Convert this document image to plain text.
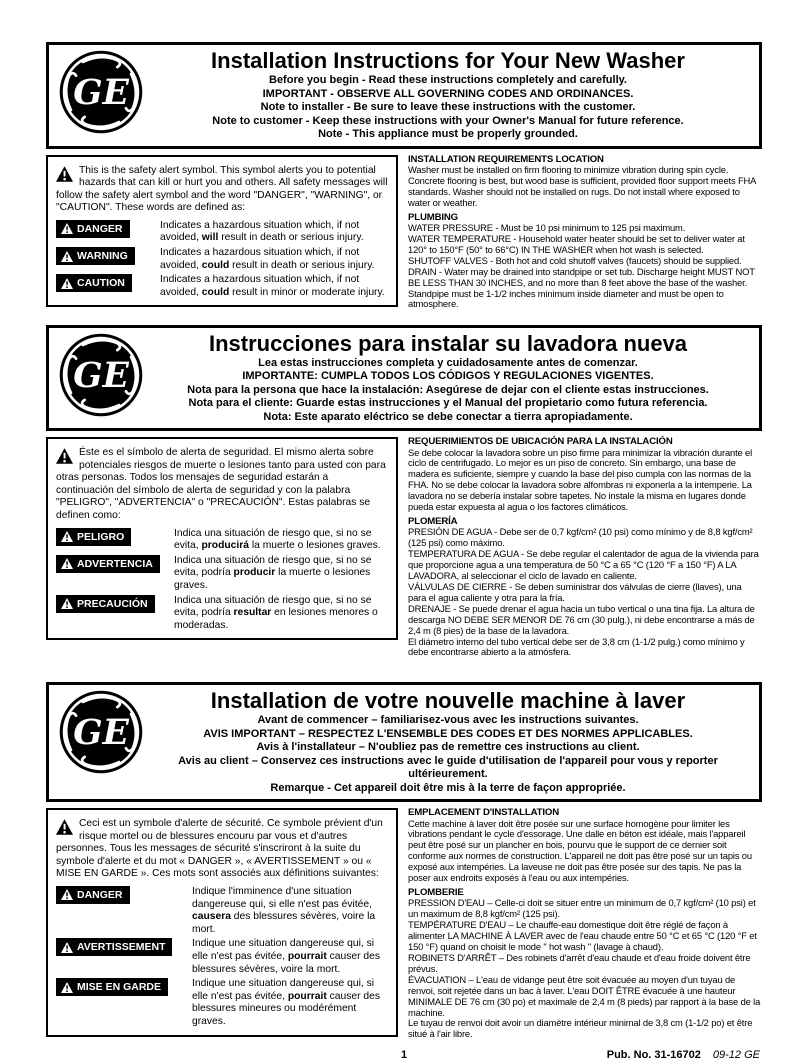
GE
Installation Instructions for Your New Washer

Before you begin - Read these instructions completely and carefully.

IMPORTANT - OBSERVE ALL GOVERNING CODES AND ORDINANCES.

Note to installer - Be sure to leave these instructions with the customer.

Note to customer - Keep these instructions with your Owner's Manual for future reference.

Note - This appliance must be properly grounded.

This is the safety alert symbol. This symbol alerts you to potential hazards that can kill or hurt you and others. All safety messages will follow the safety alert symbol and the word "DANGER", "WARNING", or "CAUTION". These words are defined as:

DANGER	Indicates a hazardous situation which, if not avoided, will result in death or serious injury.

WARNING	Indicates a hazardous situation which, if not avoided, could result in death or serious injury.

CAUTION	Indicates a hazardous situation which, if not avoided, could result in minor or moderate injury.

INSTALLATION REQUIREMENTS LOCATION

Washer must be installed on firm flooring to minimize vibration during spin cycle. Concrete flooring is best, but wood base is sufficient, provided floor support meets FHA standards. Washer should not be installed on rugs. Do not install where exposed to water or weather.

PLUMBING

WATER PRESSURE - Must be 10 psi minimum to 125 psi maximum.

WATER TEMPERATURE - Household water heater should be set to deliver water at 120° to 150°F (50° to 66°C) IN THE WASHER when hot wash is selected.

SHUTOFF VALVES - Both hot and cold shutoff valves (faucets) should be supplied.

DRAIN - Water may be drained into standpipe or set tub. Discharge height MUST NOT BE LESS THAN 30 INCHES, and no more than 8 feet above the base of the washer. Standpipe must be 1-1/2 inches minimum inside diameter and must be open to atmosphere.

GE
Instrucciones para instalar su lavadora nueva

Lea estas instrucciones completa y cuidadosamente antes de comenzar.

IMPORTANTE: CUMPLA TODOS LOS CÓDIGOS Y REGULACIONES VIGENTES.

Nota para la persona que hace la instalación: Asegúrese de dejar con el cliente estas instrucciones.

Nota para el cliente: Guarde estas instrucciones y el Manual del propietario como futura referencia.

Nota: Este aparato eléctrico se debe conectar a tierra apropiadamente.

Éste es el símbolo de alerta de seguridad. El mismo alerta sobre potenciales riesgos de muerte o lesiones tanto para usted con para otras personas. Todos los mensajes de seguridad estarán a continuación del símbolo de alerta de seguridad y con la palabra "PELIGRO", "ADVERTENCIA" o "PRECAUCIÓN". Estas palabras se definen como:

PELIGRO	Indica una situación de riesgo que, si no se evita, producirá la muerte o lesiones graves.

ADVERTENCIA Indica una situación de riesgo que, si no se evita, podría producir la muerte o lesiones graves.

PRECAUCIÓN	Indica una situación de riesgo que, si no se evita, podría resultar en lesiones menores o moderadas.

REQUERIMIENTOS DE UBICACIÓN PARA LA INSTALACIÓN

Se debe colocar la lavadora sobre un piso firme para minimizar la vibración durante el ciclo de centrifugado. Lo mejor es un piso de concreto. Sin embargo, una base de madera es suficiente, siempre y cuando la base del piso cumpla con las normas de la FHA. No se debe colocar la lavadora sobre alfombras ni exponerla a la intemperie. La lavadora no se debería instalar sobre tapetes. No instale la misma en lugares donde pueda estar expuesta al agua o los factores climáticos.

PLOMERÍA

PRESIÓN DE AGUA - Debe ser de 0,7 kgf/cm² (10 psi) como mínimo y de 8,8 kgf/cm² (125 psi) como máximo.

TEMPERATURA DE AGUA - Se debe regular el calentador de agua de la vivienda para que proporcione agua a una temperatura de 50 °C a 65 °C (120 °F a 150 °F) A LA LAVADORA, al seleccionar el ciclo de lavado en caliente.

VÁLVULAS DE CIERRE - Se deben suministrar dos válvulas de cierre (llaves), una para el agua caliente y otra para la fría.

DRENAJE - Se puede drenar el agua hacia un tubo vertical o una tina fija. La altura de descarga NO DEBE SER MENOR DE 76 cm (30 pulg.), ni debe encontrarse a más de 2,4 m (8 pies) de la base de la lavadora.

El diámetro interno del tubo vertical debe ser de 3,8 cm (1-1/2 pulg.) como mínimo y debe encontrarse abierto a la atmósfera.

GE
Installation de votre nouvelle machine à laver

Avant de commencer – familiarisez-vous avec les instructions suivantes.

AVIS IMPORTANT – RESPECTEZ L'ENSEMBLE DES CODES ET DES NORMES APPLICABLES.

Avis à l'installateur – N'oubliez pas de remettre ces instructions au client.

Avis au client – Conservez ces instructions avec le guide d'utilisation de l'appareil pour vous y reporter ultérieurement.

Remarque - Cet appareil doit être mis à la terre de façon appropriée.

Ceci est un symbole d'alerte de sécurité. Ce symbole prévient d'un risque mortel ou de blessures encouru par vous et d'autres personnes. Tous les messages de sécurité s'inscriront à la suite du symbole d'alerte et du mot « DANGER », « AVERTISSEMENT » ou « MISE EN GARDE ». Ces mots sont associés aux définitions suivantes:

DANGER	Indique l'imminence d'une situation dangereuse qui, si elle n'est pas évitée, causera des blessures sévères, voire la mort.

AVERTISSEMENT	Indique une situation dangereuse qui, si elle n'est pas évitée, pourrait causer des blessures sévères, voire la mort.

MISE EN GARDE	Indique une situation dangereuse qui, si elle n'est pas évitée, pourrait causer des blessures mineures ou modérément graves.

EMPLACEMENT D'INSTALLATION

Cette machine à laver doit être posée sur une surface homogène pour limiter les vibrations pendant le cycle d'essorage. Une dalle en béton est idéale, mais l'appareil peut être posé sur un plancher en bois, pourvu que le support de ce dernier soit conforme aux normes de construction. L'appareil ne doit pas être posé sur un tapis ou exposé aux intempéries. La laveuse ne doit pas être posée sur des tapis. Ne pas la poser aux endroits exposés à l'eau ou aux intempéries.

PLOMBERIE

PRESSION D'EAU – Celle-ci doit se situer entre un minimum de 0,7 kgf/cm² (10 psi) et un maximum de 8,8 kgf/cm² (125 psi).

TEMPÉRATURE D'EAU – Le chauffe-eau domestique doit être réglé de façon à alimenter LA MACHINE À LAVER avec de l'eau chaude entre 50 °C et 65 °C (120 °F et 150 °F) quand on choisit le mode " hot wash " (lavage à chaud).

ROBINETS D'ARRÊT – Des robinets d'arrêt d'eau chaude et d'eau froide doivent être prévus.

ÉVACUATION – L'eau de vidange peut être soit évacuée au moyen d'un tuyau de renvoi, soit rejetée dans un bac à laver. L'eau DOIT ÊTRE évacuée à une hauteur MINIMALE DE 76 cm (30 po) et maximale de 2,4 m (8 pieds) par rapport à la base de la machine.

Le tuyau de renvoi doit avoir un diamètre intérieur minimal de 3,8 cm (1-1/2 po) et être situé à l'air libre.

1	Pub. No. 31-16702 09-12 GE
